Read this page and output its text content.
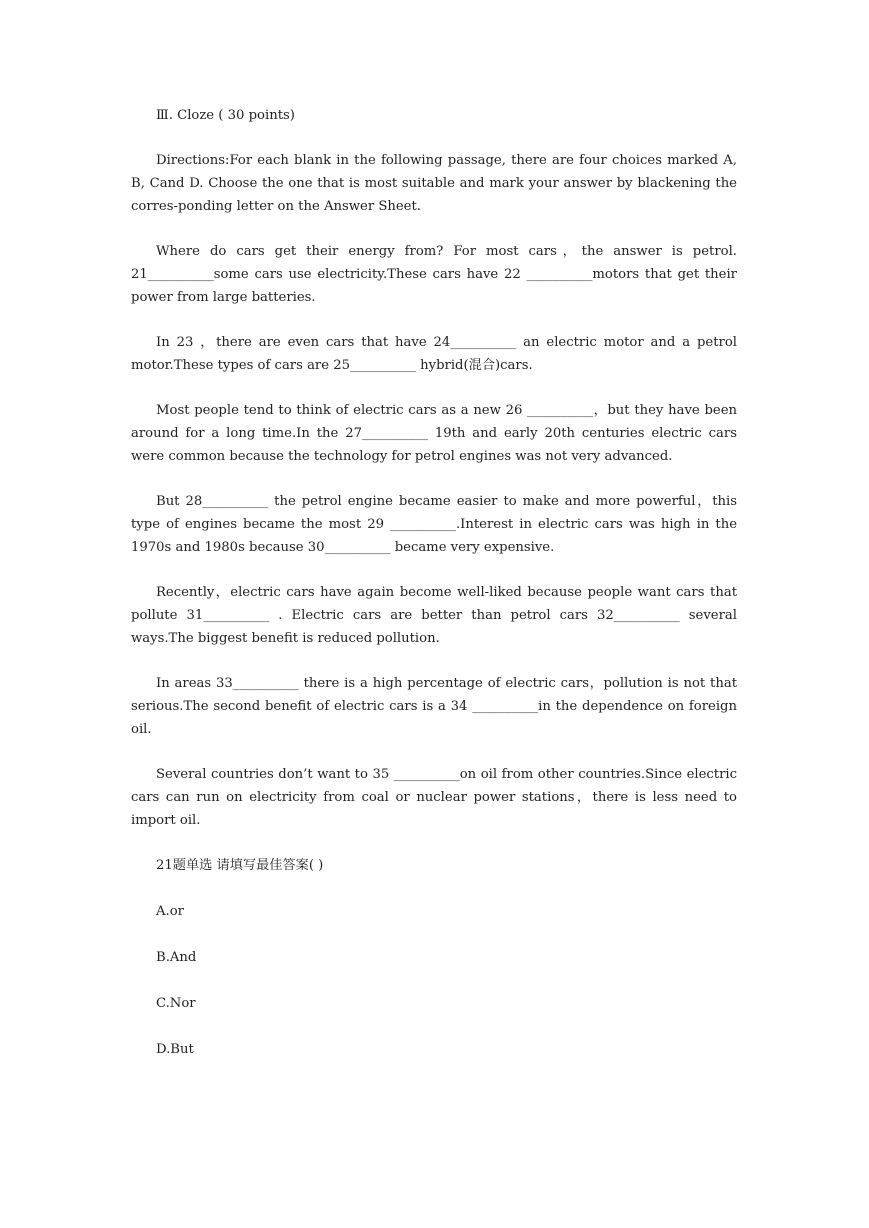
Ⅲ. Cloze ( 30 points)

Directions:For each blank in the following passage, there are four choices marked A, B, Cand D. Choose the one that is most suitable and mark your answer by blackening the corres-ponding letter on the Answer Sheet.

Where do cars get their energy from? For most cars，the answer is petrol. 21__________some cars use electricity.These cars have 22 __________motors that get their power from large batteries.

In 23 ，there are even cars that have 24__________ an electric motor and a petrol motor.These types of cars are 25__________ hybrid(混合)cars.

Most people tend to think of electric cars as a new 26 __________，but they have been around for a long time.In the 27__________ 19th and early 20th centuries electric cars were common because the technology for petrol engines was not very advanced.

But 28__________ the petrol engine became easier to make and more powerful，this type of engines became the most 29 __________.Interest in electric cars was high in the 1970s and 1980s because 30__________ became very expensive.

Recently，electric cars have again become well-liked because people want cars that pollute 31__________ . Electric cars are better than petrol cars 32__________ several ways.The biggest benefit is reduced pollution.

In areas 33__________ there is a high percentage of electric cars，pollution is not that serious.The second benefit of electric cars is a 34 __________in the dependence on foreign oil.

Several countries don’t want to 35 __________on oil from other countries.Since electric cars can run on electricity from coal or nuclear power stations，there is less need to import oil.

21题单选 请填写最佳答案( )

A.or
B.And
C.Nor
D.But
